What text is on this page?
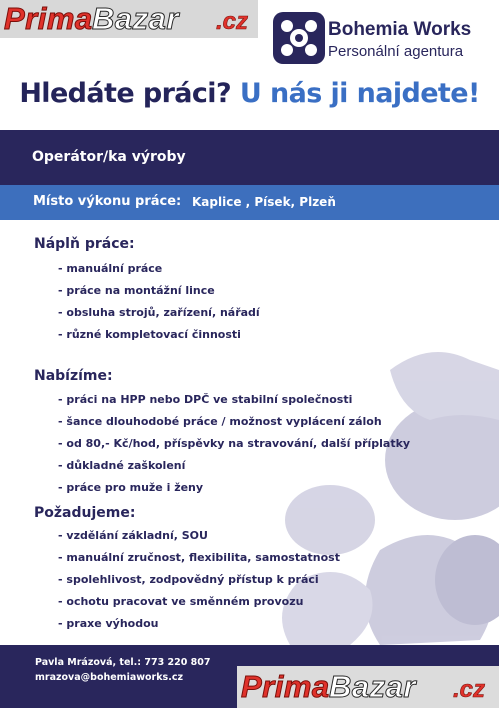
Prima Bazar .cz	Bohemia Works
Personální agentura
Hledáte práci? U nás ji najdete!
Operátor/ka výroby
Místo výkonu práce: Kaplice , Písek, Plzeň
Náplň práce:
- manuální práce
- práce na montážní lince
- obsluha strojů, zařízení, nářadí
- různé kompletovací činnosti
Nabízíme:
- práci na HPP nebo DPČ ve stabilní společnosti
- šance dlouhodobé práce / možnost vyplácení záloh
- od 80,- Kč/hod, příspěvky na stravování, další příplatky
- důkladné zaškolení
- práce pro muže i ženy
Požadujeme:
- vzdělání základní, SOU
- manuální zručnost, flexibilita, samostatnost
- spolehlivost, zodpovědný přístup k práci
- ochotu pracovat ve směnném provozu
- praxe výhodou
Pavla Mrázová, tel.: 773 220 807
mrazova@bohemiaworks.cz Prima Bazar .cz
